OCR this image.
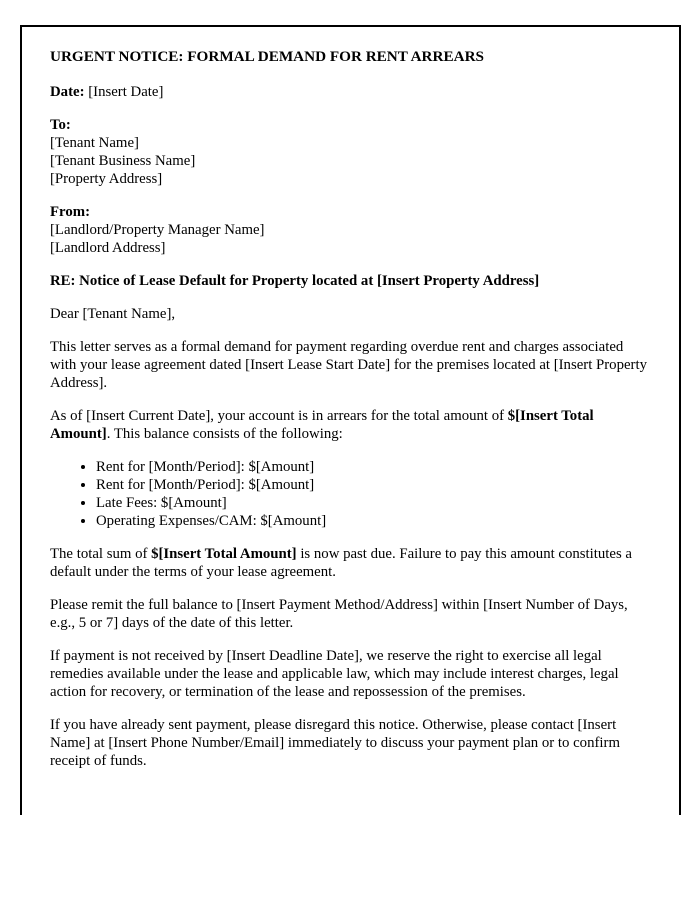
URGENT NOTICE: FORMAL DEMAND FOR RENT ARREARS
Date: [Insert Date]
To:
[Tenant Name]
[Tenant Business Name]
[Property Address]
From:
[Landlord/Property Manager Name]
[Landlord Address]
RE: Notice of Lease Default for Property located at [Insert Property Address]
Dear [Tenant Name],
This letter serves as a formal demand for payment regarding overdue rent and charges associated with your lease agreement dated [Insert Lease Start Date] for the premises located at [Insert Property Address].
As of [Insert Current Date], your account is in arrears for the total amount of $[Insert Total Amount]. This balance consists of the following:
• Rent for [Month/Period]: $[Amount]
• Rent for [Month/Period]: $[Amount]
• Late Fees: $[Amount]
• Operating Expenses/CAM: $[Amount]
The total sum of $[Insert Total Amount] is now past due. Failure to pay this amount constitutes a default under the terms of your lease agreement.
Please remit the full balance to [Insert Payment Method/Address] within [Insert Number of Days, e.g., 5 or 7] days of the date of this letter.
If payment is not received by [Insert Deadline Date], we reserve the right to exercise all legal remedies available under the lease and applicable law, which may include interest charges, legal action for recovery, or termination of the lease and repossession of the premises.
If you have already sent payment, please disregard this notice. Otherwise, please contact [Insert Name] at [Insert Phone Number/Email] immediately to discuss your payment plan or to confirm receipt of funds.
